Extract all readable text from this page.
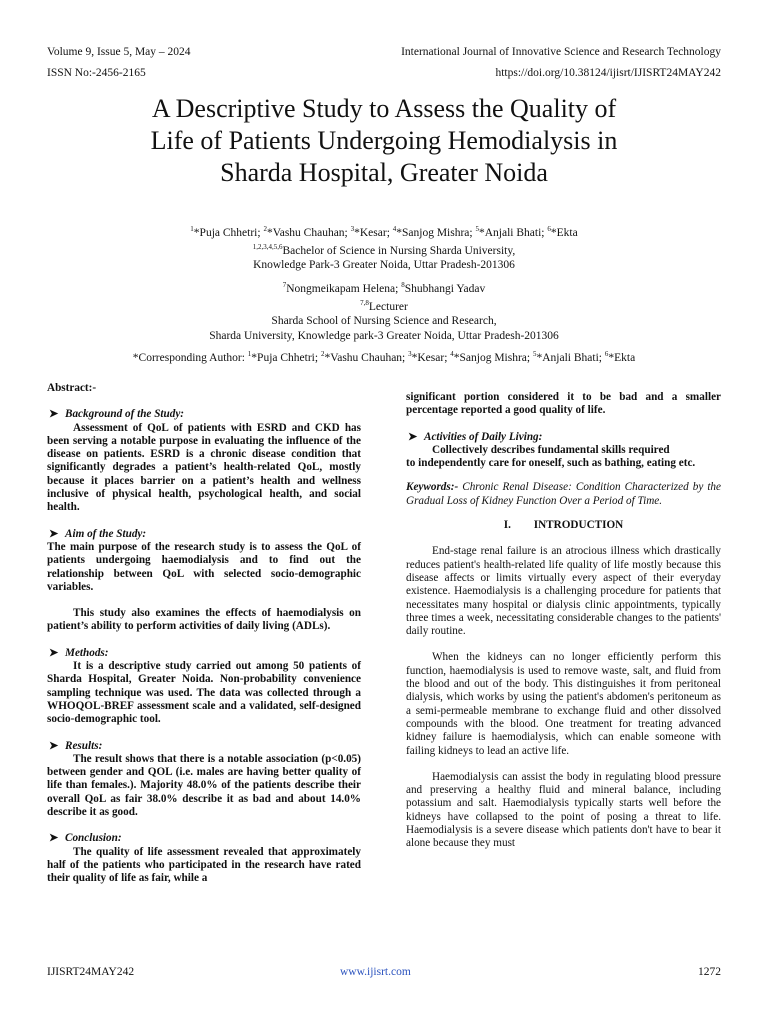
Volume 9, Issue 5, May – 2024	International Journal of Innovative Science and Research Technology
ISSN No:-2456-2165	https://doi.org/10.38124/ijisrt/IJISRT24MAY242
A Descriptive Study to Assess the Quality of
Life of Patients Undergoing Hemodialysis in
Sharda Hospital, Greater Noida
$^1$*Puja Chhetri; $^2$*Vashu Chauhan; $^3$*Kesar; $^4$*Sanjog Mishra; $^5$*Anjali Bhati; $^6$*Ekta
$^{1,2,3,4,5,6}$Bachelor of Science in Nursing Sharda University,
Knowledge Park-3 Greater Noida, Uttar Pradesh-201306
$^7$Nongmeikapam Helena; $^8$Shubhangi Yadav
$^{7,8}$Lecturer
Sharda School of Nursing Science and Research,
Sharda University, Knowledge park-3 Greater Noida, Uttar Pradesh-201306
*Corresponding Author: $^1$*Puja Chhetri; $^2$*Vashu Chauhan; $^3$*Kesar; $^4$*Sanjog Mishra; $^5$*Anjali Bhati; $^6$*Ekta

Abstract:-

➤ Background of the Study:

Assessment of QoL of patients with ESRD and CKD has been serving a notable purpose in evaluating the influence of the disease on patients. ESRD is a chronic disease condition that significantly degrades a patient’s health-related QoL, mostly because it places barrier on a patient’s health and wellness inclusive of physical health, psychological health, and social health.

➤ Aim of the Study:

The main purpose of the research study is to assess the QoL of patients undergoing haemodialysis and to find out the relationship between QoL with selected socio-demographic variables.

This study also examines the effects of haemodialysis on patient’s ability to perform activities of daily living (ADLs).

➤ Methods:

It is a descriptive study carried out among 50 patients of Sharda Hospital, Greater Noida. Non-probability convenience sampling technique was used. The data was collected through a WHOQOL-BREF assessment scale and a validated, self-designed socio-demographic tool.

➤ Results:

The result shows that there is a notable association (p<0.05) between gender and QOL (i.e. males are having better quality of life than females.). Majority 48.0% of the patients describe their overall QoL as fair 38.0% describe it as bad and about 14.0% describe it as good.

➤ Conclusion:

The quality of life assessment revealed that approximately half of the patients who participated in the research have rated their quality of life as fair, while a

significant portion considered it to be bad and a smaller percentage reported a good quality of life.

➤ Activities of Daily Living:

Collectively describes fundamental skills required

to independently care for oneself, such as bathing, eating etc.

Keywords:- Chronic Renal Disease: Condition Characterized by the Gradual Loss of Kidney Function Over a Period of Time.

I. INTRODUCTION

End-stage renal failure is an atrocious illness which drastically reduces patient's health-related life quality of life mostly because this disease affects or limits virtually every aspect of their everyday existence. Haemodialysis is a challenging procedure for patients that necessitates many hospital or dialysis clinic appointments, typically three times a week, necessitating considerable changes to the patients' daily routine.

When the kidneys can no longer efficiently perform this function, haemodialysis is used to remove waste, salt, and fluid from the blood and out of the body. This distinguishes it from peritoneal dialysis, which works by using the patient's abdomen's peritoneum as a semi-permeable membrane to exchange fluid and other dissolved compounds with the blood. One treatment for treating advanced kidney failure is haemodialysis, which can enable someone with failing kidneys to lead an active life.

Haemodialysis can assist the body in regulating blood pressure and preserving a healthy fluid and mineral balance, including potassium and salt. Haemodialysis typically starts well before the kidneys have collapsed to the point of posing a threat to life. Haemodialysis is a severe disease which patients don't have to bear it alone because they must

IJISRT24MAY242	www.ijisrt.com	1272
